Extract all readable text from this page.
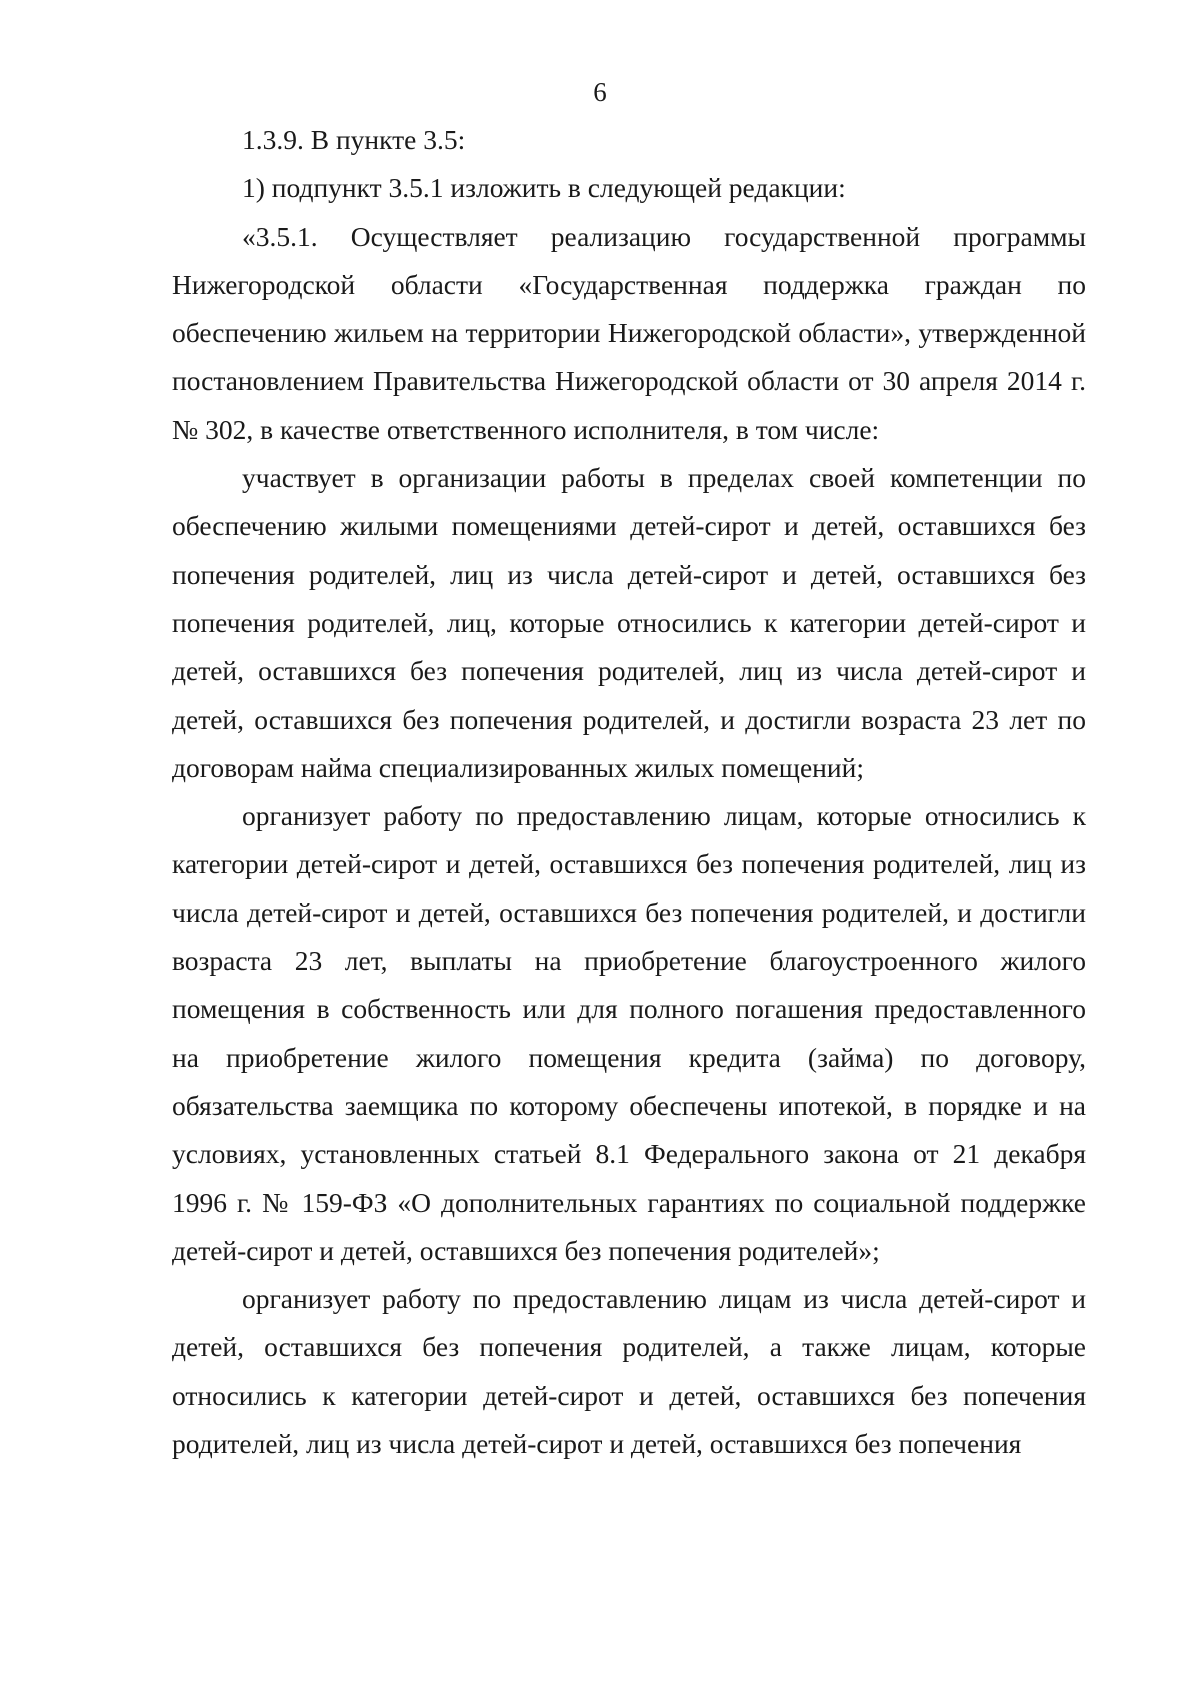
6

1.3.9. В пункте 3.5:

1) подпункт 3.5.1 изложить в следующей редакции:

«3.5.1. Осуществляет реализацию государственной программы Нижегородской области «Государственная поддержка граждан по обеспечению жильем на территории Нижегородской области», утвержденной постановлением Правительства Нижегородской области от 30 апреля 2014 г. № 302, в качестве ответственного исполнителя, в том числе:

участвует в организации работы в пределах своей компетенции по обеспечению жилыми помещениями детей-сирот и детей, оставшихся без попечения родителей, лиц из числа детей-сирот и детей, оставшихся без попечения родителей, лиц, которые относились к категории детей-сирот и детей, оставшихся без попечения родителей, лиц из числа детей-сирот и детей, оставшихся без попечения родителей, и достигли возраста 23 лет по договорам найма специализированных жилых помещений;

организует работу по предоставлению лицам, которые относились к категории детей-сирот и детей, оставшихся без попечения родителей, лиц из числа детей-сирот и детей, оставшихся без попечения родителей, и достигли возраста 23 лет, выплаты на приобретение благоустроенного жилого помещения в собственность или для полного погашения предоставленного на приобретение жилого помещения кредита (займа) по договору, обязательства заемщика по которому обеспечены ипотекой, в порядке и на условиях, установленных статьей 8.1 Федерального закона от 21 декабря 1996 г. № 159-ФЗ «О дополнительных гарантиях по социальной поддержке детей-сирот и детей, оставшихся без попечения родителей»;

организует работу по предоставлению лицам из числа детей-сирот и детей, оставшихся без попечения родителей, а также лицам, которые относились к категории детей-сирот и детей, оставшихся без попечения родителей, лиц из числа детей-сирот и детей, оставшихся без попечения
